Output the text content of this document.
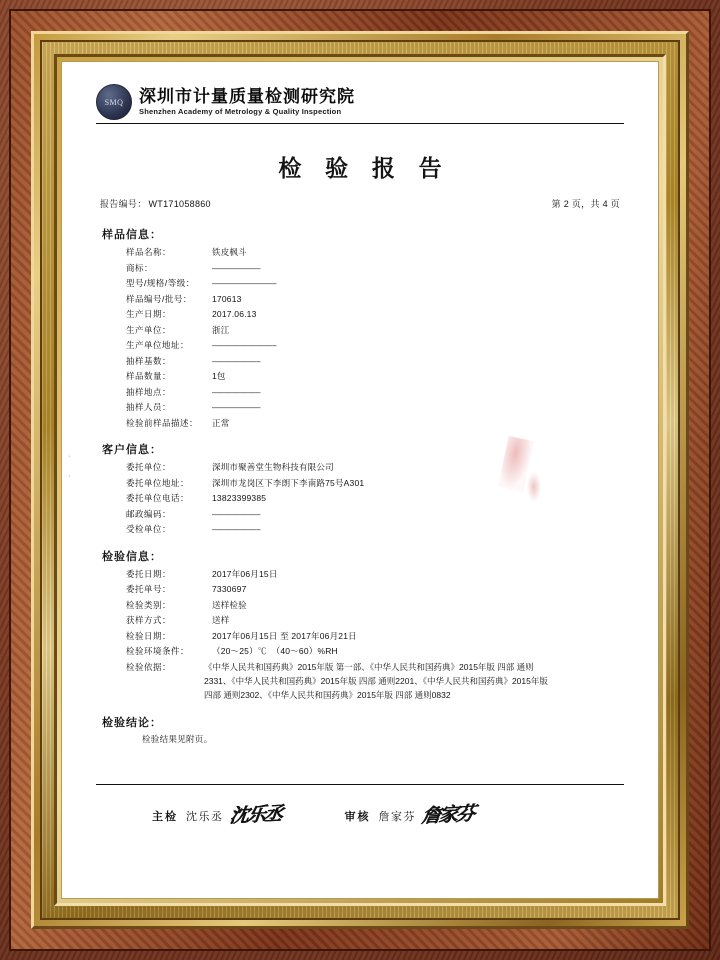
SMQ 深圳市计量质量检测研究院
Shenzhen Academy of Metrology & Quality Inspection
检 验 报 告
报告编号： WT171058860	第 2 页，共 4 页
样品信息：
样品名称：	铁皮枫斗
商标：	——————
型号/规格/等级：	————————
样品编号/批号：	170613
生产日期：	2017.06.13
生产单位：	浙江
生产单位地址：	————————
抽样基数：	——————
样品数量：	1包
抽样地点：	——————
抽样人员：	——————
检验前样品描述：	正常
客户信息：
委托单位：	深圳市聚善堂生物科技有限公司
委托单位地址：	深圳市龙岗区下李朗下李南路75号A301
委托单位电话：	13823399385
邮政编码：	——————
受检单位：	——————
检验信息：
委托日期：	2017年06月15日
委托单号：	7330697
检验类别：	送样检验
获样方式：	送样
检验日期：	2017年06月15日 至 2017年06月21日
检验环境条件：	（20～25）℃  （40～60）%RH
检验依据：	《中华人民共和国药典》2015年版 第一部、《中华人民共和国药典》2015年版 四部 通则
2331、《中华人民共和国药典》2015年版 四部 通则2201、《中华人民共和国药典》2015年版
四部 通则2302、《中华人民共和国药典》2015年版 四部 通则0832
检验结论：
检验结果见附页。
·
·
主检 沈乐丞 沈乐丞	审核 詹家芬 詹家芬
